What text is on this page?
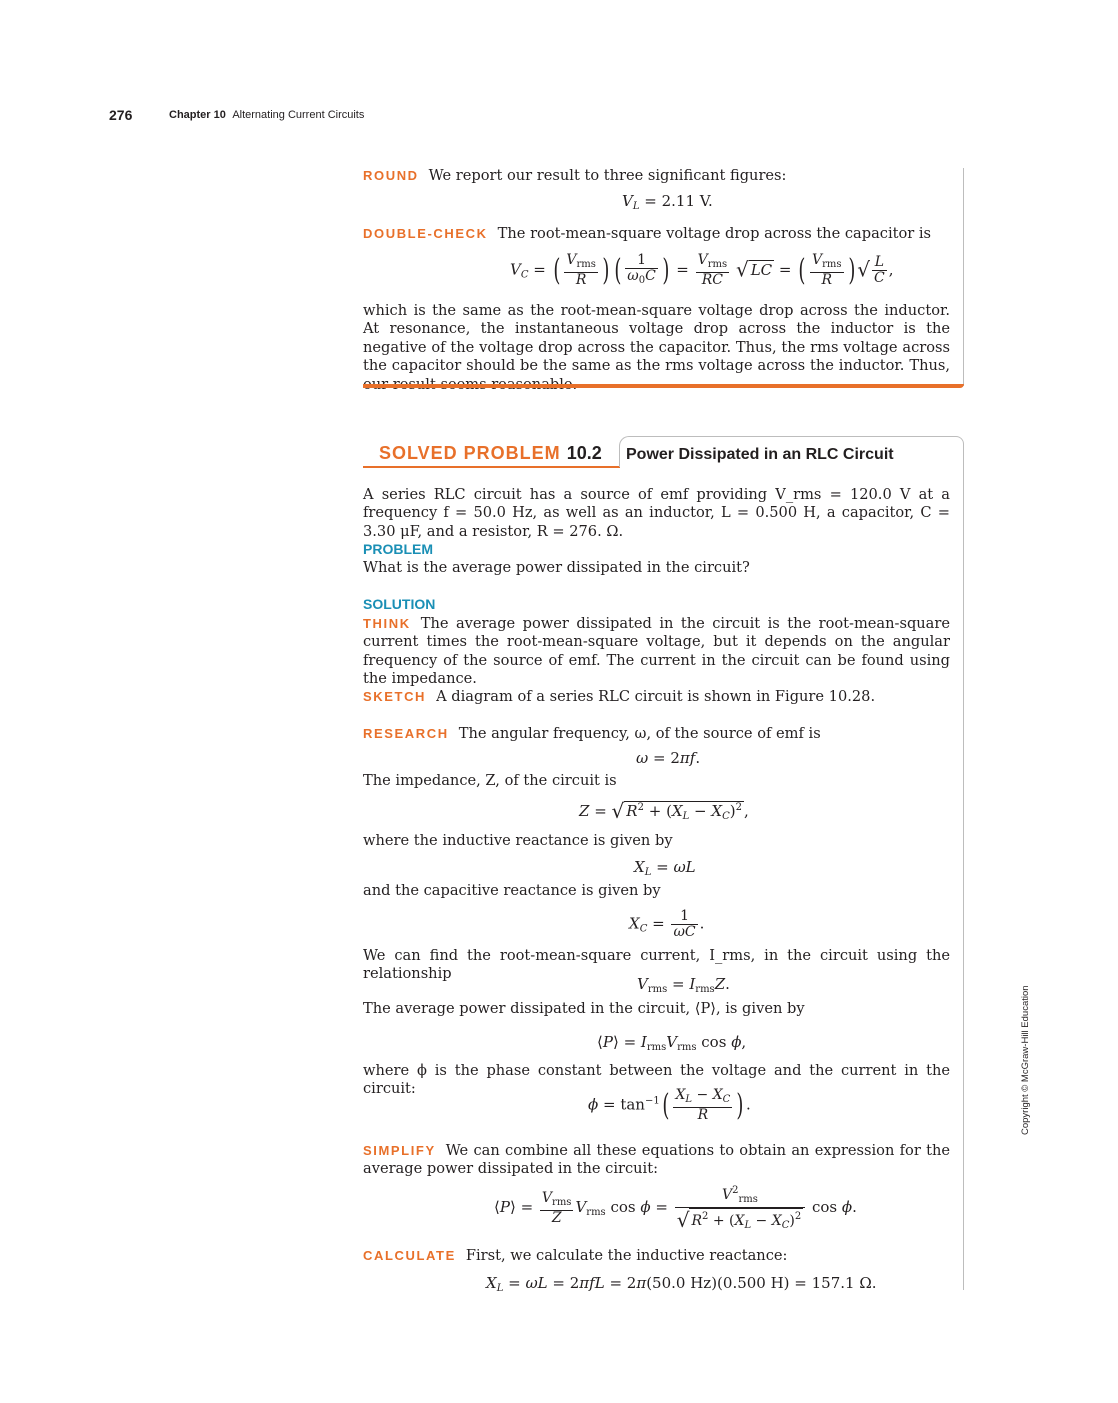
276	Chapter 10 Alternating Current Circuits

ROUND We report our result to three significant figures:

$V_L = 2.11$ V.

DOUBLE-CHECK The root-mean-square voltage drop across the capacitor is

$V_C$ = ( $\frac{V_{rms}}{R}$ ) ( $\frac{1}{\omega_0C}$ ) = $\frac{V_{rms}}{RC}$ √ LC = ( $\frac{V_{rms}}{R}$ ) √ $\frac{L}{C}$ ,

which is the same as the root-mean-square voltage drop across the inductor. At resonance, the instantaneous voltage drop across the inductor is the negative of the voltage drop across the capacitor. Thus, the rms voltage across the capacitor should be the same as the rms voltage across the inductor. Thus,

SOLVED PROBLEM 10.2 Power Dissipated in an RLC Circuit

A series RLC circuit has a source of emf providing V_rms = 120.0 V at a frequency f = 50.0 Hz, as well as an inductor, L = 0.500 H, a capacitor, C = 3.30 μF, and a resistor, R = 276. Ω.

PROBLEM

What is the average power dissipated in the circuit?

SOLUTION

THINK The average power dissipated in the circuit is the root-mean-square current times the root-mean-square voltage, but it depends on the angular frequency of the source of emf. The current in the circuit can be found using the impedance.

SKETCH A diagram of a series RLC circuit is shown in Figure 10.28.

RESEARCH The angular frequency, ω, of the source of emf is

ω = 2πf.

The impedance, Z, of the circuit is

Z = √ $R^2 + (X_L - X_C)^2$ ,

where the inductive reactance is given by

$X_L = \omega L$

and the capacitive reactance is given by

$X_C = \frac{1}{\omega C}$ .

We can find the root-mean-square current, I_rms, in the circuit using the relationship

$V_{rms} = I_{rms}Z$.

The average power dissipated in the circuit, ⟨P⟩, is given by

⟨P⟩ = $I_{rms}V_{rms}$ cos ϕ,

where ϕ is the phase constant between the voltage and the current in the circuit:

$\phi = \tan^{-1}( \frac{X_L - X_C}{R}$ ) .

SIMPLIFY We can combine all these equations to obtain an expression for the average power dissipated in the circuit:

⟨P⟩ = $\frac{V_{rms}}{Z} V_{rms}$ $\cos \phi = \frac{V^2_{rms}}{√ R^2 + (X_L - X_C)^2}$ cos ϕ.

CALCULATE First, we calculate the inductive reactance:

$X_L = \omega L = 2\pi fL = 2\pi(50.0$ Hz)(0.500 H) = 157.1 Ω.
Copyright © McGraw-Hill Education
